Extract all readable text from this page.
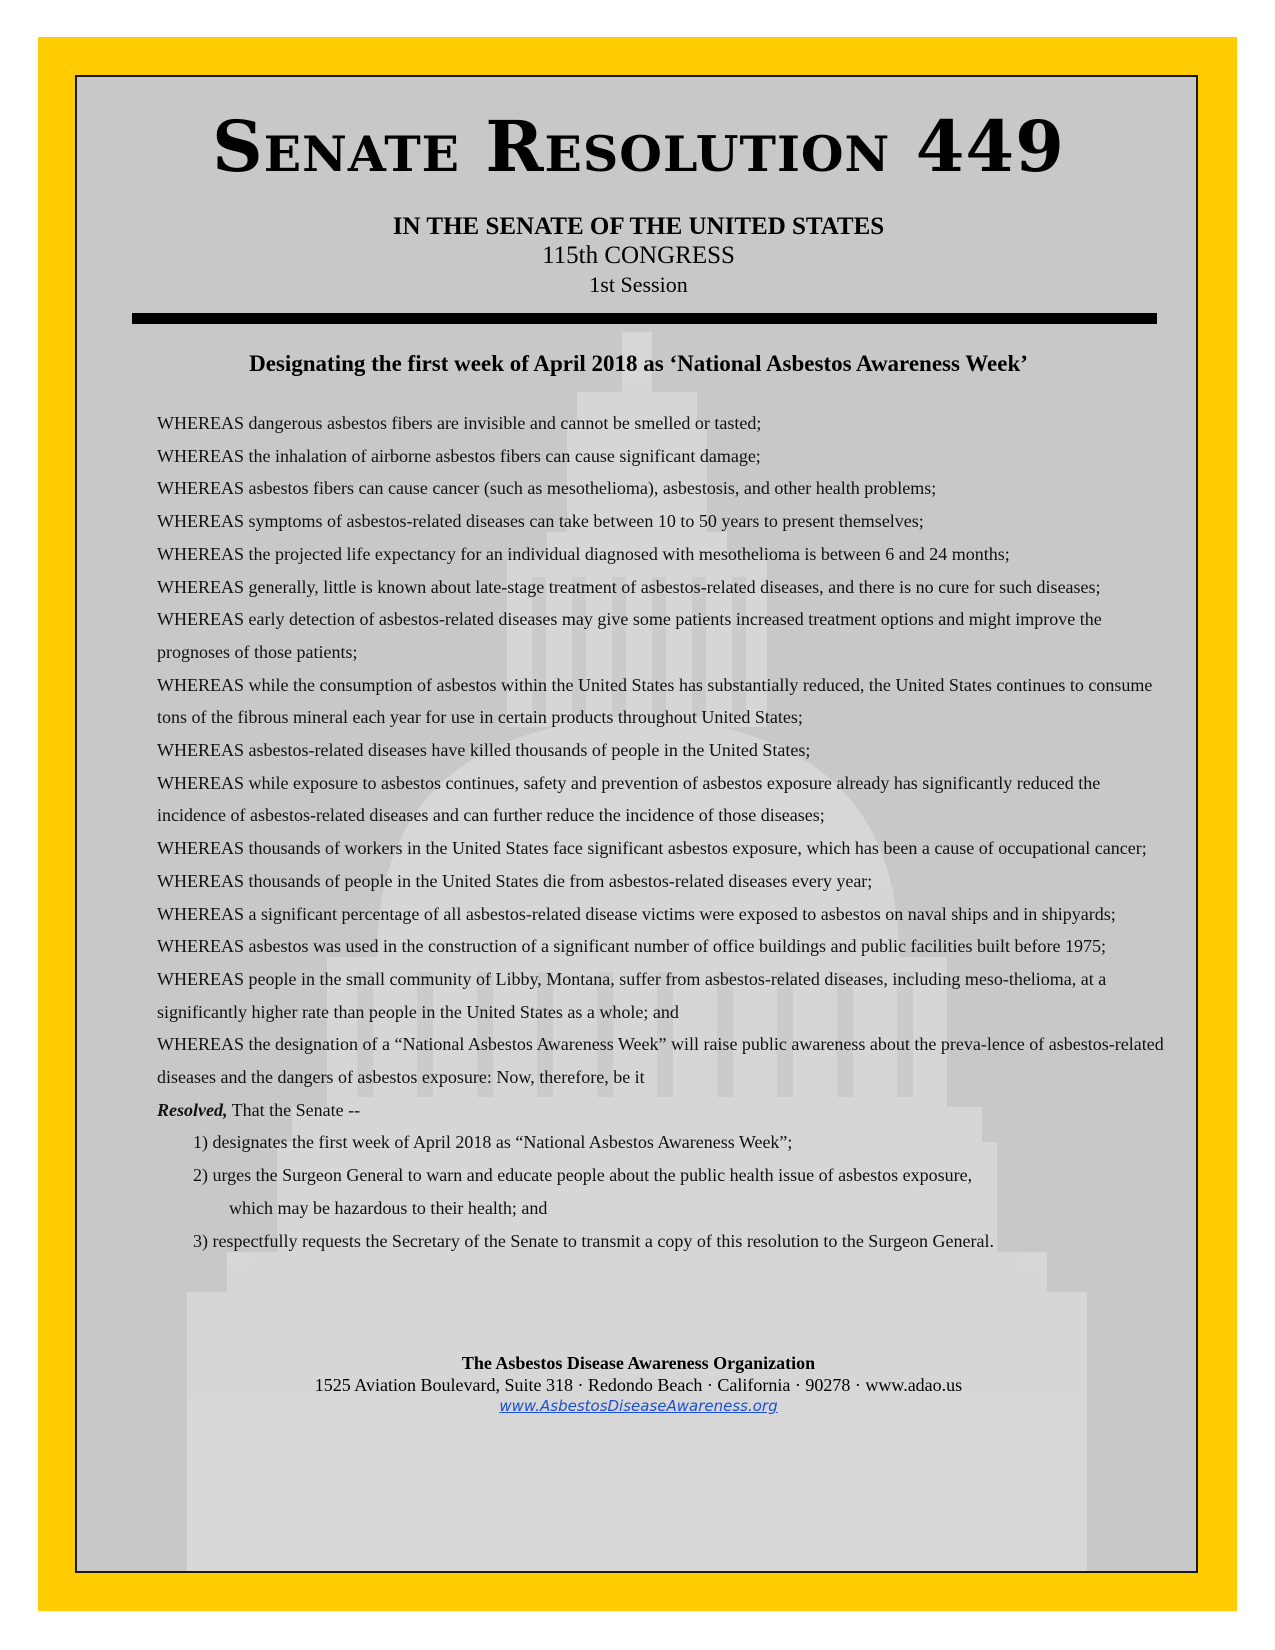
Senate Resolution 449
IN THE SENATE OF THE UNITED STATES
115th CONGRESS
1st Session
Designating the first week of April 2018 as ‘National Asbestos Awareness Week’

WHEREAS dangerous asbestos fibers are invisible and cannot be smelled or tasted;

WHEREAS the inhalation of airborne asbestos fibers can cause significant damage;

WHEREAS asbestos fibers can cause cancer (such as mesothelioma), asbestosis, and other health problems;

WHEREAS symptoms of asbestos-related diseases can take between 10 to 50 years to present themselves;

WHEREAS the projected life expectancy for an individual diagnosed with mesothelioma is between 6 and 24 months;

WHEREAS generally, little is known about late-stage treatment of asbestos-related diseases, and there is no cure for such diseases;

WHEREAS early detection of asbestos-related diseases may give some patients increased treatment options and might improve the prognoses of those patients;

WHEREAS while the consumption of asbestos within the United States has substantially reduced, the United States continues to consume tons of the fibrous mineral each year for use in certain products throughout United States;

WHEREAS asbestos-related diseases have killed thousands of people in the United States;

WHEREAS while exposure to asbestos continues, safety and prevention of asbestos exposure already has significantly reduced the incidence of asbestos-related diseases and can further reduce the incidence of those diseases;

WHEREAS thousands of workers in the United States face significant asbestos exposure, which has been a cause of occupational cancer;

WHEREAS thousands of people in the United States die from asbestos-related diseases every year;

WHEREAS a significant percentage of all asbestos-related disease victims were exposed to asbestos on naval ships and in shipyards;

WHEREAS asbestos was used in the construction of a significant number of office buildings and public facilities built before 1975;

WHEREAS people in the small community of Libby, Montana, suffer from asbestos-related diseases, including meso-thelioma, at a significantly higher rate than people in the United States as a whole; and

WHEREAS the designation of a “National Asbestos Awareness Week” will raise public awareness about the preva-lence of asbestos-related diseases and the dangers of asbestos exposure: Now, therefore, be it

Resolved, That the Senate --

1) designates the first week of April 2018 as “National Asbestos Awareness Week”;

2) urges the Surgeon General to warn and educate people about the public health issue of asbestos exposure,

which may be hazardous to their health; and

3) respectfully requests the Secretary of the Senate to transmit a copy of this resolution to the Surgeon General.

The Asbestos Disease Awareness Organization
1525 Aviation Boulevard, Suite 318 · Redondo Beach · California · 90278 · www.adao.us
www.AsbestosDiseaseAwareness.org
